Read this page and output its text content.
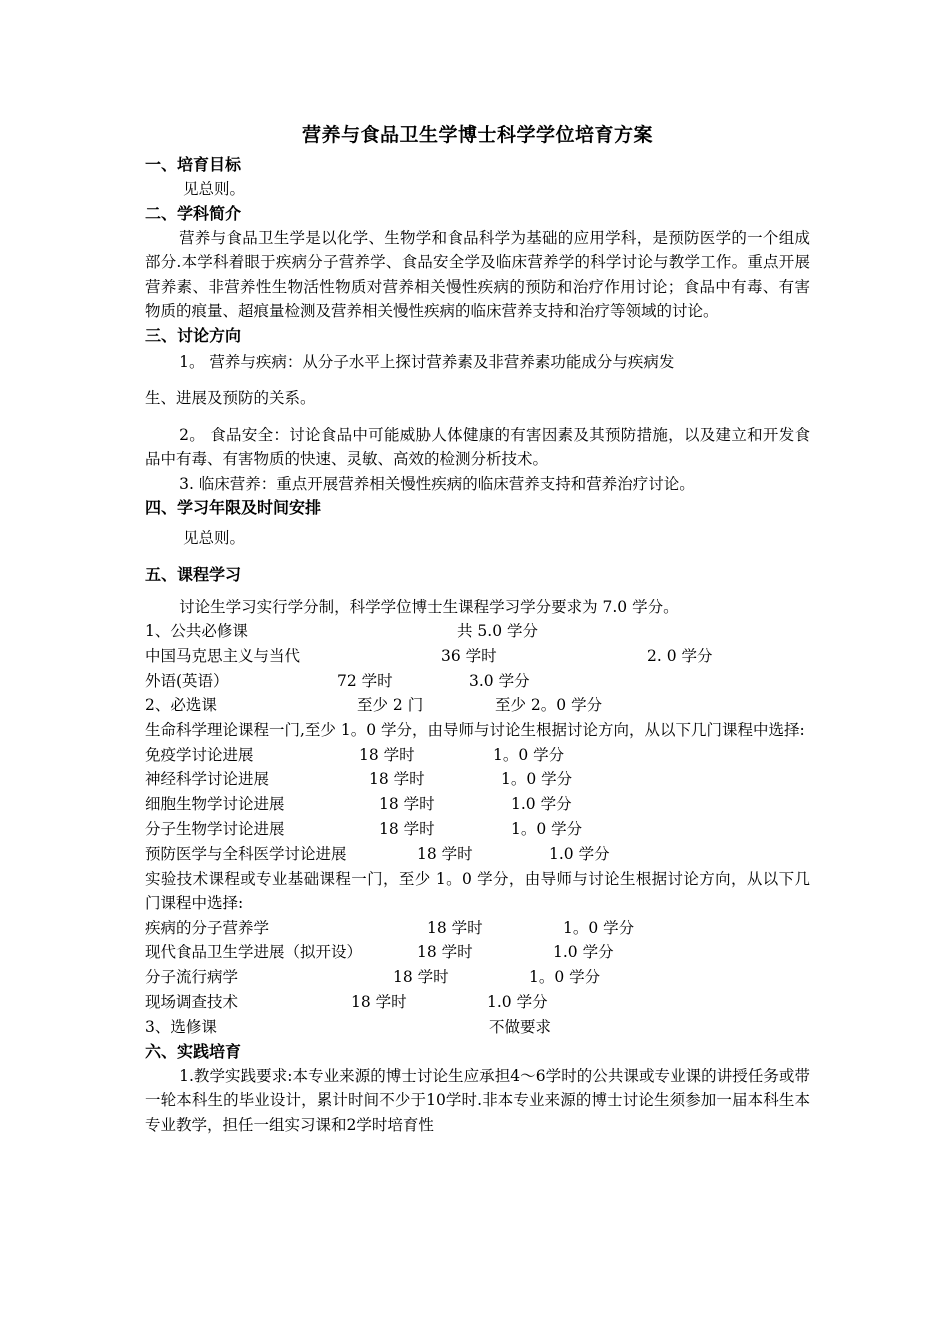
营养与食品卫生学博士科学学位培育方案

一、培育目标

见总则。

二、学科简介

营养与食品卫生学是以化学、生物学和食品科学为基础的应用学科，是预防医学的一个组成部分.本学科着眼于疾病分子营养学、食品安全学及临床营养学的科学讨论与教学工作。重点开展营养素、非营养性生物活性物质对营养相关慢性疾病的预防和治疗作用讨论；食品中有毒、有害物质的痕量、超痕量检测及营养相关慢性疾病的临床营养支持和治疗等领域的讨论。

三、讨论方向

1。 营养与疾病：从分子水平上探讨营养素及非营养素功能成分与疾病发

生、进展及预防的关系。

2。 食品安全：讨论食品中可能威胁人体健康的有害因素及其预防措施，以及建立和开发食品中有毒、有害物质的快速、灵敏、高效的检测分析技术。

3. 临床营养：重点开展营养相关慢性疾病的临床营养支持和营养治疗讨论。

四、学习年限及时间安排

见总则。

五、课程学习

讨论生学习实行学分制，科学学位博士生课程学习学分要求为 7.0 学分。

1、公共必修课	共 5.0 学分
中国马克思主义与当代	36 学时	2. 0 学分
外语(英语）	72 学时	3.0 学分
2、必选课	至少 2 门	至少 2。0 学分

生命科学理论课程一门,至少 1。0 学分，由导师与讨论生根据讨论方向，从以下几门课程中选择:

免疫学讨论进展	18 学时	1。0 学分
神经科学讨论进展	18 学时	1。0 学分
细胞生物学讨论进展	18 学时	1.0 学分
分子生物学讨论进展	18 学时	1。0 学分
预防医学与全科医学讨论进展	18 学时	1.0 学分

实验技术课程或专业基础课程一门，至少 1。0 学分，由导师与讨论生根据讨论方向，从以下几门课程中选择:

疾病的分子营养学	18 学时	1。0 学分
现代食品卫生学进展（拟开设）	18 学时	1.0 学分
分子流行病学	18 学时	1。0 学分
现场调查技术	18 学时	1.0 学分
3、选修课	不做要求

六、实践培育

1.教学实践要求:本专业来源的博士讨论生应承担4～6学时的公共课或专业课的讲授任务或带一轮本科生的毕业设计，累计时间不少于10学时.非本专业来源的博士讨论生须参加一届本科生本专业教学，担任一组实习课和2学时培育性
